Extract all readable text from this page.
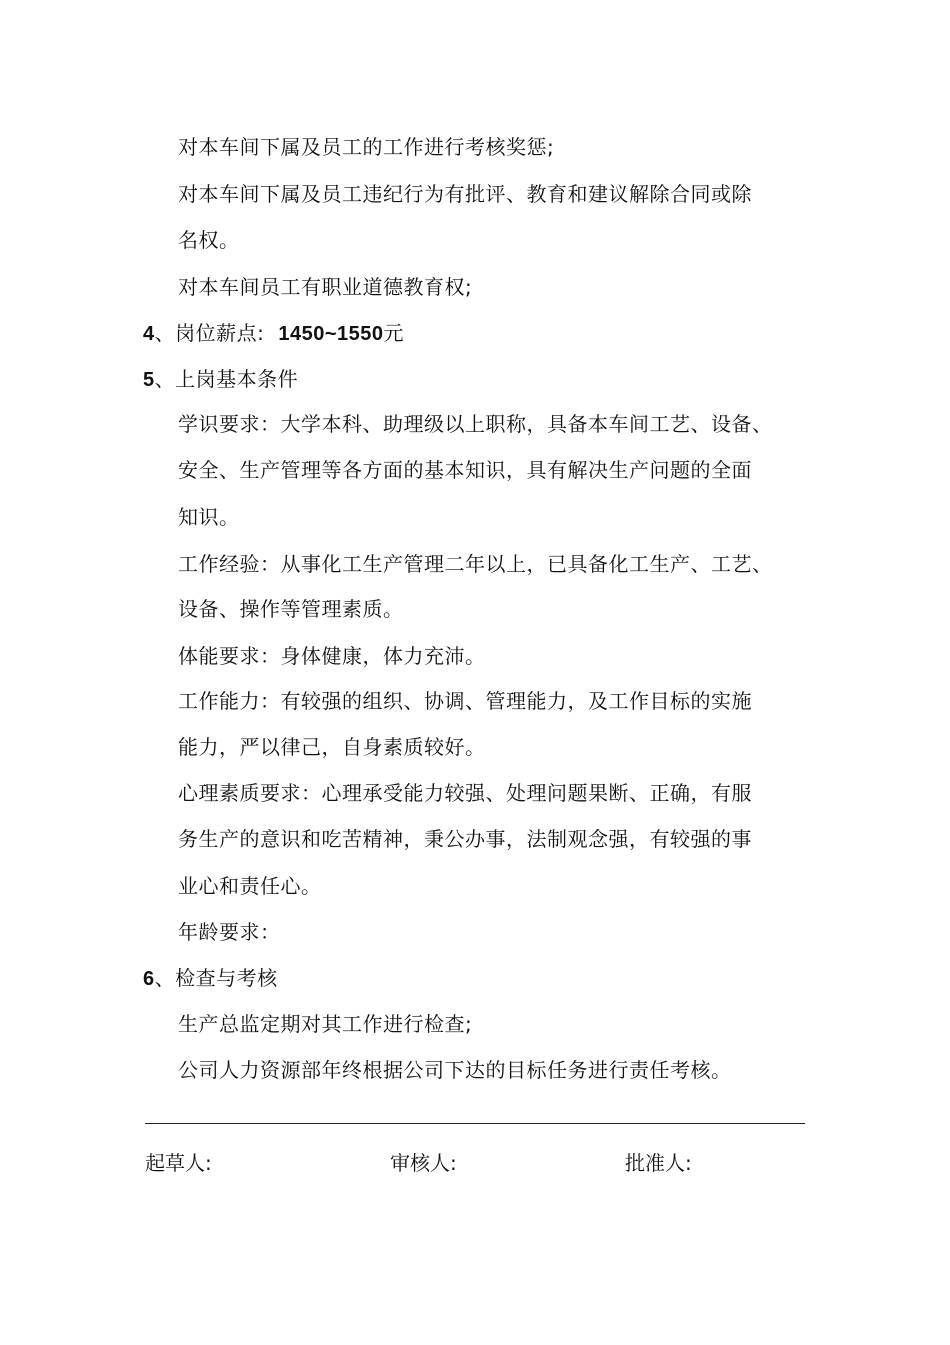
对本车间下属及员工的工作进行考核奖惩;
对本车间下属及员工违纪行为有批评、教育和建议解除合同或除
名权。
对本车间员工有职业道德教育权;
4、岗位薪点: 1450~1550元
5、上岗基本条件
学识要求：大学本科、助理级以上职称，具备本车间工艺、设备、
安全、生产管理等各方面的基本知识，具有解决生产问题的全面
知识。
工作经验：从事化工生产管理二年以上，已具备化工生产、工艺、
设备、操作等管理素质。
体能要求：身体健康，体力充沛。
工作能力：有较强的组织、协调、管理能力，及工作目标的实施
能力，严以律己，自身素质较好。
心理素质要求：心理承受能力较强、处理问题果断、正确，有服
务生产的意识和吃苦精神，秉公办事，法制观念强，有较强的事
业心和责任心。
年龄要求：
6、检查与考核
生产总监定期对其工作进行检查;
公司人力资源部年终根据公司下达的目标任务进行责任考核。
起草人:	审核人:	批准人:
